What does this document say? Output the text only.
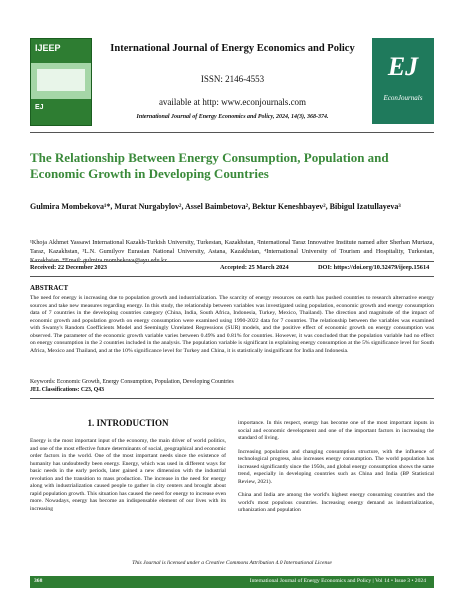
IJEEP
EJ
International Journal of Energy Economics and Policy
ISSN: 2146-4553
available at http: www.econjournals.com
International Journal of Energy Economics and Policy, 2024, 14(3), 368-374.
EJ
EconJournals
The Relationship Between Energy Consumption, Population and Economic Growth in Developing Countries
Gulmira Mombekova¹*, Murat Nurgabylov², Assel Baimbetova², Bektur Keneshbayev², Bibigul Izatullayeva³
¹Khoja Akhmet Yassawi International Kazakh-Turkish University, Turkestan, Kazakhstan, ²International Taraz Innovative Institute named after Sherhan Murtaza, Taraz, Kazakhstan, ³L.N. Gumilyov Eurasian National University, Astana, Kazakhstan, ⁴International University of Tourism and Hospitality, Turkestan, Kazakhstan. *Email: gulmira.mombekova@ayu.edu.kz
Received: 22 December 2023	Accepted: 25 March 2024	DOI: https://doi.org/10.32479/ijeep.15614
ABSTRACT
The need for energy is increasing due to population growth and industrialization. The scarcity of energy resources on earth has pushed countries to research alternative energy sources and take new measures regarding energy. In this study, the relationship between variables was investigated using population, economic growth and energy consumption data of 7 countries in the developing countries category (China, India, South Africa, Indonesia, Turkey, Mexico, Thailand). The direction and magnitude of the impact of economic growth and population growth on energy consumption were examined using 1990-2022 data for 7 countries. The relationship between the variables was examined with Swamy's Random Coefficients Model and Seemingly Unrelated Regressions (SUR) models, and the positive effect of economic growth on energy consumption was observed. The parameter of the economic growth variable varies between 0.49% and 0.81% for countries. However, it was concluded that the population variable had no effect on energy consumption in the 2 countries included in the analysis. The population variable is significant in explaining energy consumption at the 5% significance level for South Africa, Mexico and Thailand, and at the 10% significance level for Turkey and China, it is statistically insignificant for India and Indonesia.
Keywords: Economic Growth, Energy Consumption, Population, Developing Countries
JEL Classifications: C23, Q43
1. INTRODUCTION

Energy is the most important input of the economy, the main driver of world politics, and one of the most effective future determinants of social, geographical and economic order factors in the world. One of the most important needs since the existence of humanity has undoubtedly been energy. Energy, which was used in different ways for basic needs in the early periods, later gained a new dimension with the industrial revolution and the transition to mass production. The increase in the need for energy along with industrialization caused people to gather in city centers and brought about rapid population growth. This situation has caused the need for energy to increase even more. Nowadays, energy has become an indispensable element of our lives with its increasing

importance. In this respect, energy has become one of the most important inputs in social and economic development and one of the important factors in increasing the standard of living.

Increasing population and changing consumption structure, with the influence of technological progress, also increases energy consumption. The world population has increased significantly since the 1950s, and global energy consumption shows the same trend, especially in developing countries such as China and India (BP Statistical Review, 2021).

China and India are among the world's highest energy consuming countries and the world's most populous countries. Increasing energy demand as industrialization, urbanization and population

This Journal is licensed under a Creative Commons Attribution 4.0 International License
368	International Journal of Energy Economics and Policy | Vol 14 • Issue 3 • 2024
